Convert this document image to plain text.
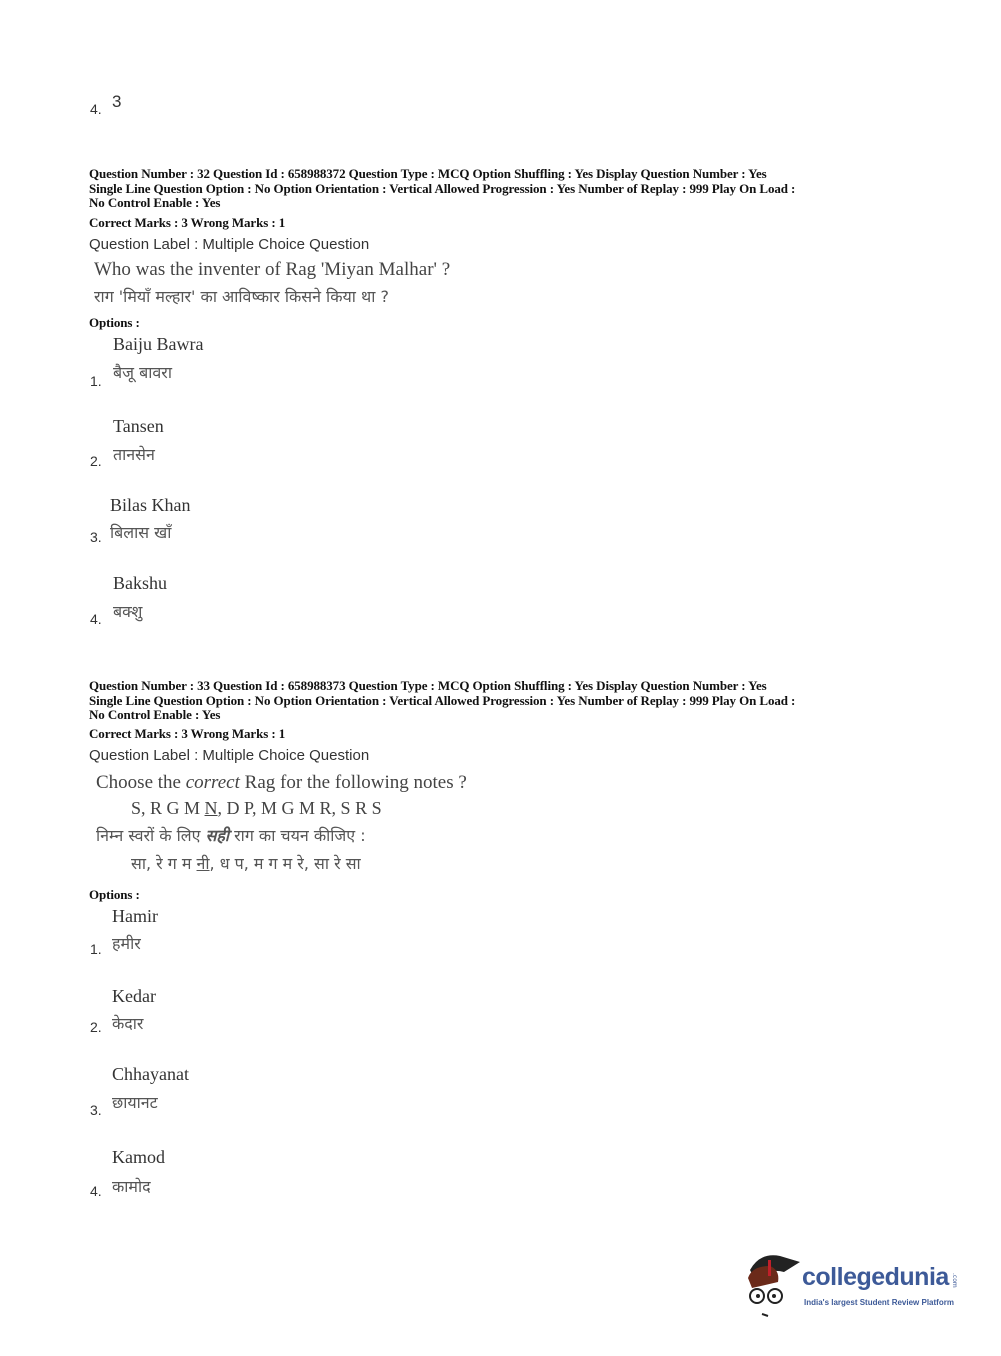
4. 3
Question Number : 32 Question Id : 658988372 Question Type : MCQ Option Shuffling : Yes Display Question Number : Yes
Single Line Question Option : No Option Orientation : Vertical Allowed Progression : Yes Number of Replay : 999 Play On Load :
No Control Enable : Yes
Correct Marks : 3 Wrong Marks : 1
Question Label : Multiple Choice Question
Who was the inventer of Rag 'Miyan Malhar' ?
राग 'मियाँ मल्हार' का आविष्कार किसने किया था ?
Options :
Baiju Bawra
बैजू बावरा
1.
Tansen
तानसेन
2.
Bilas Khan
बिलास खाँ
3.
Bakshu
बक्शु
4.
Question Number : 33 Question Id : 658988373 Question Type : MCQ Option Shuffling : Yes Display Question Number : Yes
Single Line Question Option : No Option Orientation : Vertical Allowed Progression : Yes Number of Replay : 999 Play On Load :
No Control Enable : Yes
Correct Marks : 3 Wrong Marks : 1
Question Label : Multiple Choice Question
Choose the correct Rag for the following notes ?
S, R G M N, D P, M G M R, S R S
निम्न स्वरों के लिए सही राग का चयन कीजिए :
सा, रे ग म नी, ध प, म ग म रे, सा रे सा
Options :
Hamir
हमीर
1.
Kedar
केदार
2.
Chhayanat
छायानट
3.
Kamod
कामोद
4.
collegedunia .com
India's largest Student Review Platform
